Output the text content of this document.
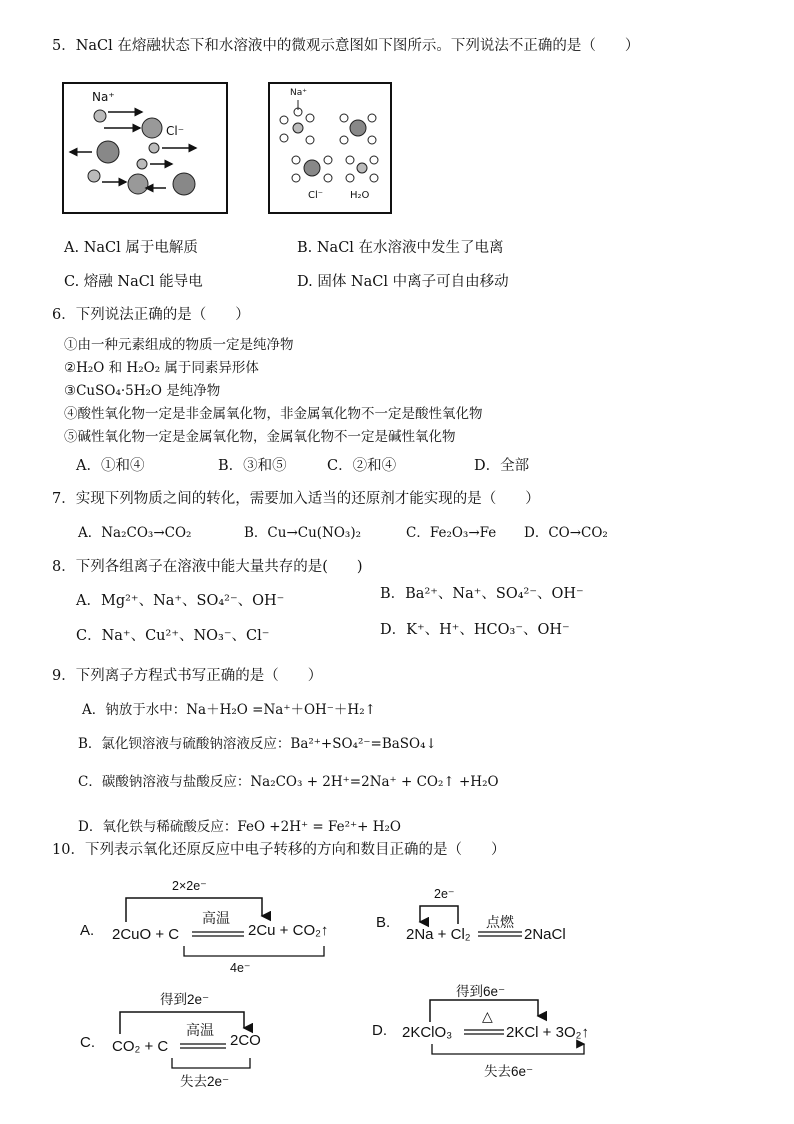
5．NaCl 在熔融状态下和水溶液中的微观示意图如下图所示。下列说法不正确的是（　　）
Na⁺
Cl⁻
Na⁺
Cl⁻	H₂O
A. NaCl 属于电解质	B. NaCl 在水溶液中发生了电离
C. 熔融 NaCl 能导电	D. 固体 NaCl 中离子可自由移动
6．下列说法正确的是（　　）
①由一种元素组成的物质一定是纯净物
②H₂O 和 H₂O₂ 属于同素异形体
③CuSO₄·5H₂O 是纯净物
④酸性氧化物一定是非金属氧化物，非金属氧化物不一定是酸性氧化物
⑤碱性氧化物一定是金属氧化物，金属氧化物不一定是碱性氧化物
A．①和④	B．③和⑤	C．②和④	D．全部
7．实现下列物质之间的转化，需要加入适当的还原剂才能实现的是（　　）
A．Na₂CO₃→CO₂	B．Cu→Cu(NO₃)₂	C．Fe₂O₃→Fe D．CO→CO₂
8．下列各组离子在溶液中能大量共存的是(　　)
A．Mg²⁺、Na⁺、SO₄²⁻、OH⁻	B．Ba²⁺、Na⁺、SO₄²⁻、OH⁻
C．Na⁺、Cu²⁺、NO₃⁻、Cl⁻	D．K⁺、H⁺、HCO₃⁻、OH⁻
9．下列离子方程式书写正确的是（　　）
A．钠放于水中：Na＋H₂O =Na⁺＋OH⁻＋H₂↑
B．氯化钡溶液与硫酸钠溶液反应：Ba²⁺+SO₄²⁻=BaSO₄↓
C．碳酸钠溶液与盐酸反应：Na₂CO₃ + 2H⁺=2Na⁺ + CO₂↑ +H₂O
D．氧化铁与稀硫酸反应：FeO +2H⁺ = Fe²⁺+ H₂O
10．下列表示氧化还原反应中电子转移的方向和数目正确的是（　　）
A.
2×2e⁻
2CuO + C
高温
2Cu + CO₂↑
4e⁻
B.
2e⁻
2Na + Cl₂
点燃
2NaCl
C.
得到2e⁻
CO₂ + C
高温
2CO
失去2e⁻
D.
得到6e⁻
2KClO₃
△
2KCl + 3O₂↑
失去6e⁻
